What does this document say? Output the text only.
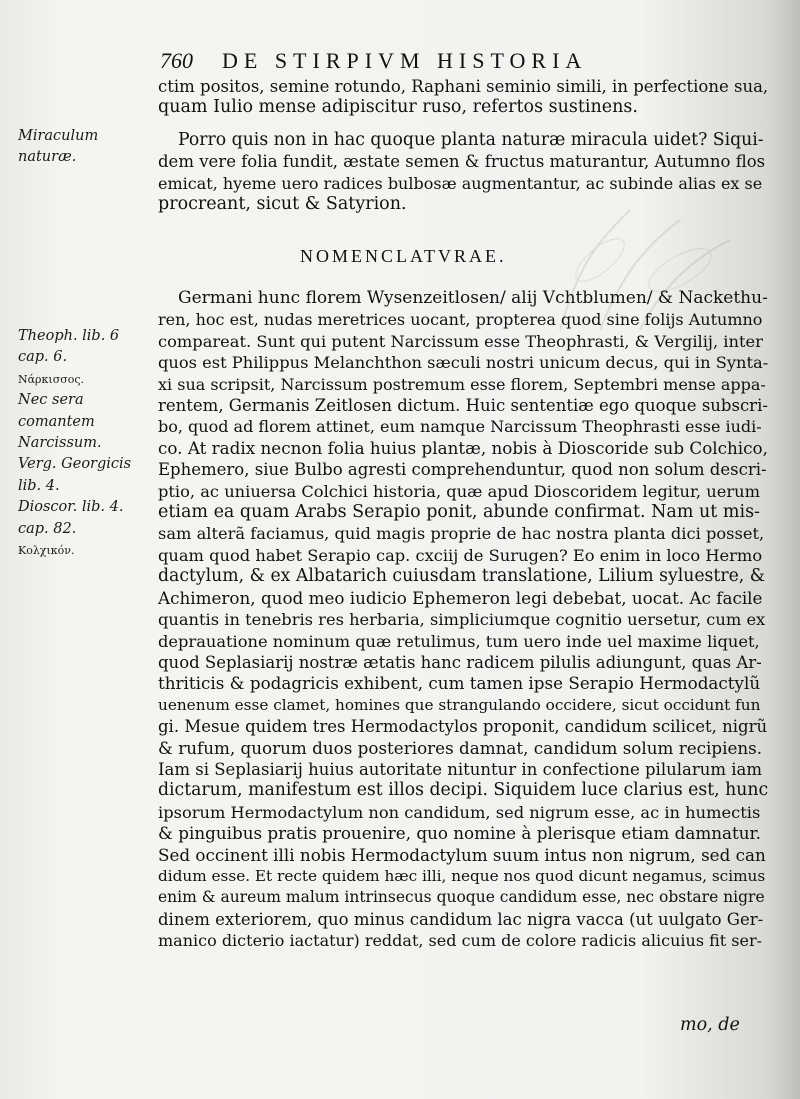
760 DE STIRPIVM HISTORIA
Miraculum
naturæ.
Theoph. lib. 6
cap. 6.
Νάρκισσος.
Nec sera comantem Narcissum.
Verg. Georgicis
lib. 4.
Dioscor. lib. 4.
cap. 82.
Κολχικόν.
ctim positos, semine rotundo, Raphani seminio simili, in perfectione sua,
quam Iulio mense adipiscitur ruso, refertos sustinens.
Porro quis non in hac quoque planta naturæ miracula uidet? Siqui-
dem vere folia fundit, æstate semen & fructus maturantur, Autumno flos
emicat, hyeme uero radices bulbosæ augmentantur, ac subinde alias ex se
procreant, sicut & Satyrion.
NOMENCLATVRAE.
Germani hunc florem Wysenzeitlosen/ alij Vchtblumen/ & Nackethu-
ren, hoc est, nudas meretrices uocant, propterea quod sine folijs Autumno
compareat. Sunt qui putent Narcissum esse Theophrasti, & Vergilij, inter
quos est Philippus Melanchthon sæculi nostri unicum decus, qui in Synta-
xi sua scripsit, Narcissum postremum esse florem, Septembri mense appa-
rentem, Germanis Zeitlosen dictum. Huic sententiæ ego quoque subscri-
bo, quod ad florem attinet, eum namque Narcissum Theophrasti esse iudi-
co. At radix necnon folia huius plantæ, nobis à Dioscoride sub Colchico,
Ephemero, siue Bulbo agresti comprehenduntur, quod non solum descri-
ptio, ac uniuersa Colchici historia, quæ apud Dioscoridem legitur, uerum
etiam ea quam Arabs Serapio ponit, abunde confirmat. Nam ut mis-
sam alterã faciamus, quid magis proprie de hac nostra planta dici posset,
quam quod habet Serapio cap. cxciij de Surugen? Eo enim in loco Hermo
dactylum, & ex Albatarich cuiusdam translatione, Lilium syluestre, &
Achimeron, quod meo iudicio Ephemeron legi debebat, uocat. Ac facile
quantis in tenebris res herbaria, simpliciumque cognitio uersetur, cum ex
deprauatione nominum quæ retulimus, tum uero inde uel maxime liquet,
quod Seplasiarij nostræ ætatis hanc radicem pilulis adiungunt, quas Ar-
thriticis & podagricis exhibent, cum tamen ipse Serapio Hermodactylũ
uenenum esse clamet, homines que strangulando occidere, sicut occidunt fun
gi. Mesue quidem tres Hermodactylos proponit, candidum scilicet, nigrũ
& rufum, quorum duos posteriores damnat, candidum solum recipiens.
Iam si Seplasiarij huius autoritate nituntur in confectione pilularum iam
dictarum, manifestum est illos decipi. Siquidem luce clarius est, hunc
ipsorum Hermodactylum non candidum, sed nigrum esse, ac in humectis
& pinguibus pratis prouenire, quo nomine à plerisque etiam damnatur.
Sed occinent illi nobis Hermodactylum suum intus non nigrum, sed can
didum esse. Et recte quidem hæc illi, neque nos quod dicunt negamus, scimus
enim & aureum malum intrinsecus quoque candidum esse, nec obstare nigre
dinem exteriorem, quo minus candidum lac nigra vacca (ut uulgato Ger-
manico dicterio iactatur) reddat, sed cum de colore radicis alicuius fit ser-
mo, de
